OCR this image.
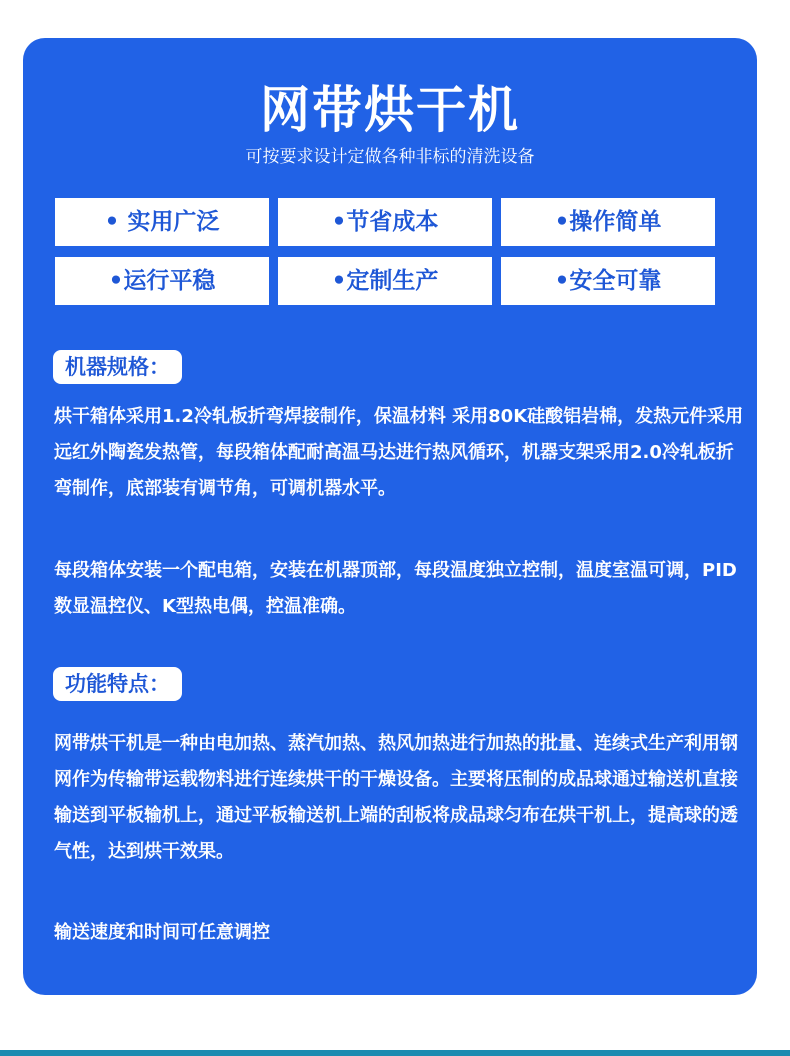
网带烘干机
可按要求设计定做各种非标的清洗设备
• 实用广泛	•节省成本	•操作简单
•运行平稳	•定制生产	•安全可靠
机器规格：

烘干箱体采用1.2冷轧板折弯焊接制作，保温材料 采用80K硅酸铝岩棉，发热元件采用远红外陶瓷发热管，每段箱体配耐高温马达进行热风循环，机器支架采用2.0冷轧板折弯制作，底部装有调节角，可调机器水平。

每段箱体安装一个配电箱，安装在机器顶部，每段温度独立控制，温度室温可调，PID数显温控仪、K型热电偶，控温准确。

功能特点：

网带烘干机是一种由电加热、蒸汽加热、热风加热进行加热的批量、连续式生产利用钢网作为传输带运载物料进行连续烘干的干燥设备。主要将压制的成品球通过输送机直接输送到平板输机上，通过平板输送机上端的刮板将成品球匀布在烘干机上，提高球的透气性，达到烘干效果。

输送速度和时间可任意调控
